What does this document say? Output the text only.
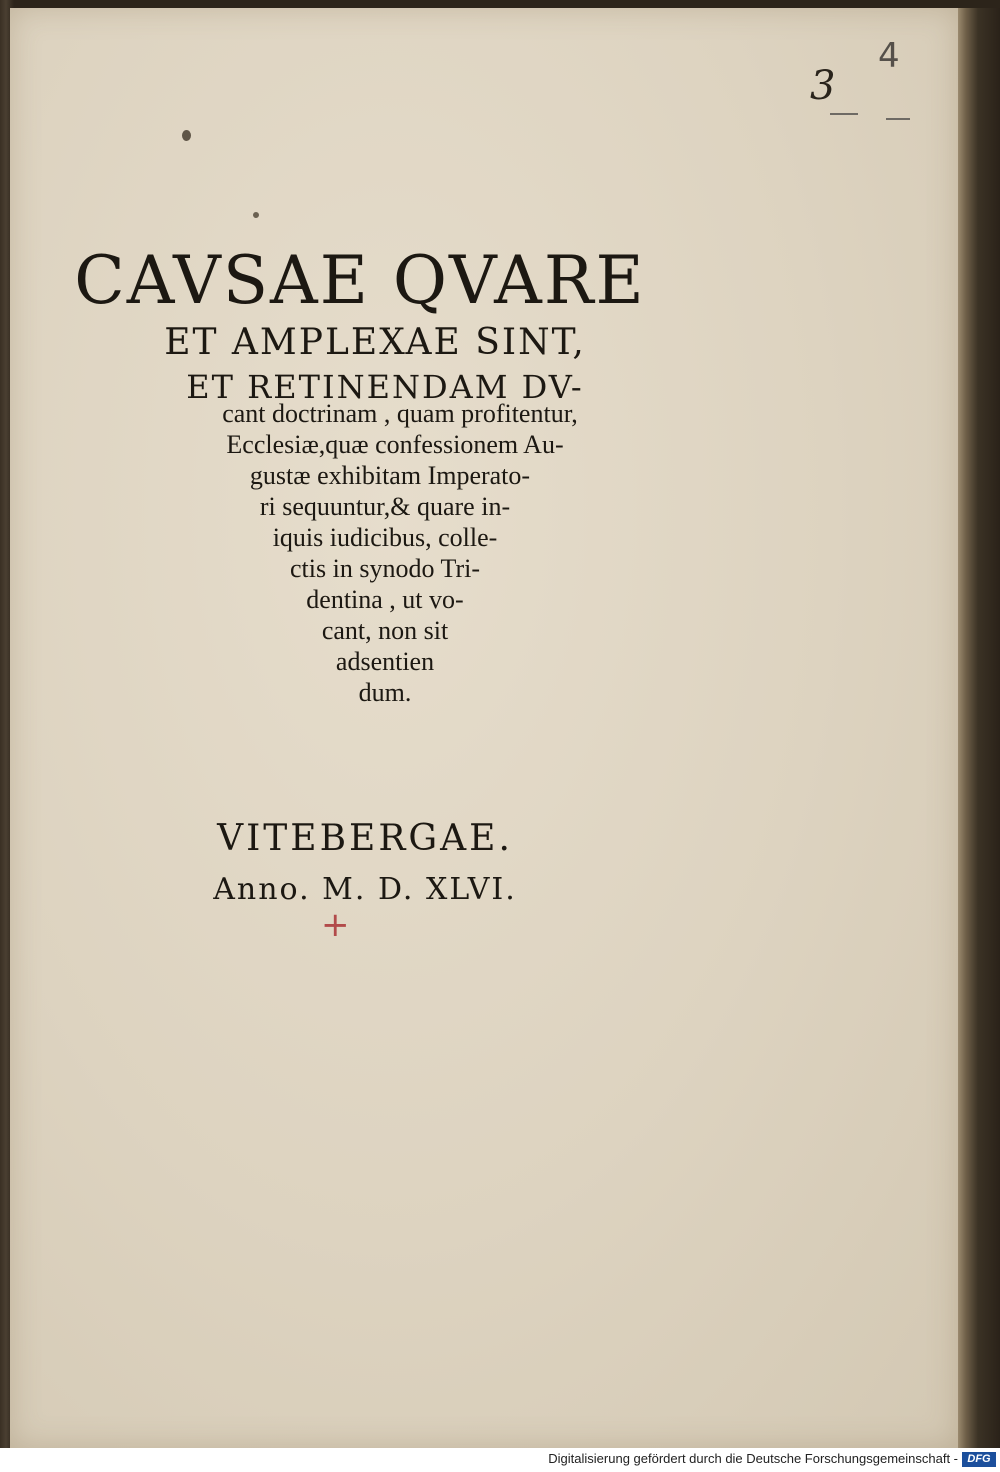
3
4
CAVSAE QVARE
ET AMPLEXAE SINT,
ET RETINENDAM DV-
cant doctrinam , quam profitentur,
Ecclesiæ,quæ confessionem Au-
gustæ exhibitam Imperato-
ri sequuntur,& quare in-
iquis iudicibus, colle-
ctis in synodo Tri-
dentina , ut vo-
cant, non sit
adsentien
dum.
VITEBERGAE.
Anno. M. D. XLVI.
+
Digitalisierung gefördert durch die Deutsche Forschungsgemeinschaft - DFG
